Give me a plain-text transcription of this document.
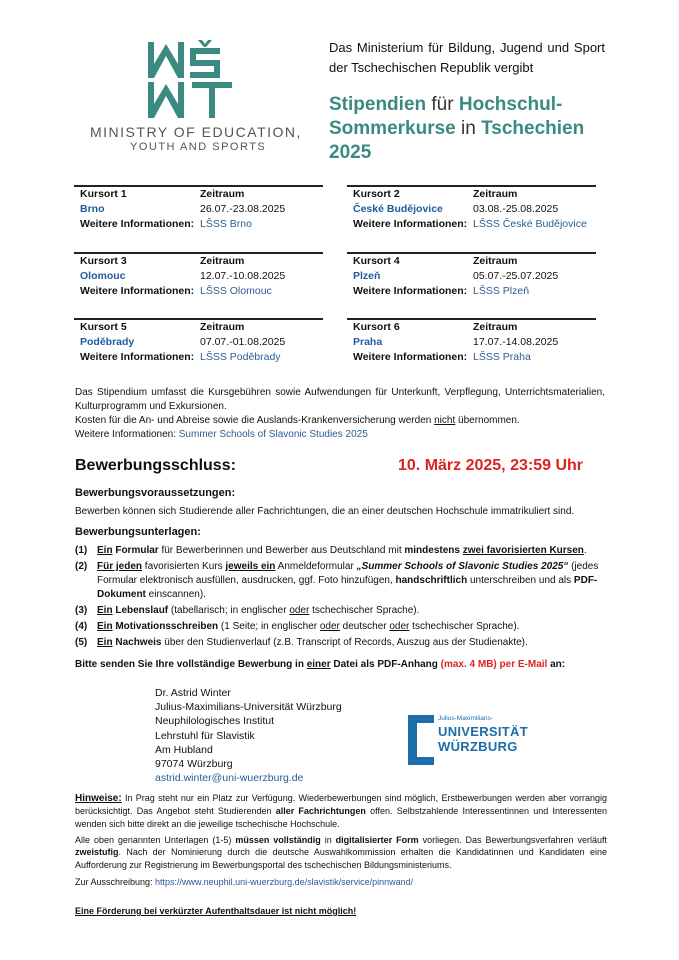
MINISTRY OF EDUCATION,
YOUTH AND SPORTS
Das Ministerium für Bildung, Jugend und Sport der Tschechischen Republik vergibt
Stipendien für Hochschul-
Sommerkurse in Tschechien
2025
Kursort 1	Zeitraum
Brno	26.07.-23.08.2025
Weitere Informationen: LŠSS Brno
Kursort 2	Zeitraum
České Budějovice	03.08.-25.08.2025
Weitere Informationen: LŠSS České Budějovice
Kursort 3	Zeitraum
Olomouc	12.07.-10.08.2025
Weitere Informationen: LŠSS Olomouc
Kursort 4	Zeitraum
Plzeň	05.07.-25.07.2025
Weitere Informationen: LŠSS Plzeň
Kursort 5	Zeitraum
Poděbrady	07.07.-01.08.2025
Weitere Informationen: LŠSS Poděbrady
Kursort 6	Zeitraum
Praha	17.07.-14.08.2025
Weitere Informationen: LŠSS Praha
Das Stipendium umfasst die Kursgebühren sowie Aufwendungen für Unterkunft, Verpflegung, Unterrichtsmaterialien, Kulturprogramm und Exkursionen.
Kosten für die An- und Abreise sowie die Auslands-Krankenversicherung werden nicht übernommen.
Weitere Informationen: Summer Schools of Slavonic Studies 2025
Bewerbungsschluss:	10. März 2025, 23:59 Uhr
Bewerbungsvoraussetzungen:
Bewerben können sich Studierende aller Fachrichtungen, die an einer deutschen Hochschule immatrikuliert sind.
Bewerbungsunterlagen:
(1) Ein Formular für Bewerberinnen und Bewerber aus Deutschland mit mindestens zwei favorisierten Kursen.
(2) Für jeden favorisierten Kurs jeweils ein Anmeldeformular „Summer Schools of Slavonic Studies 2025“ (jedes Formular elektronisch ausfüllen, ausdrucken, ggf. Foto hinzufügen, handschriftlich unterschreiben und als PDF-Dokument einscannen).
(3) Ein Lebenslauf (tabellarisch; in englischer oder tschechischer Sprache).
(4) Ein Motivationsschreiben (1 Seite; in englischer oder deutscher oder tschechischer Sprache).
(5) Ein Nachweis über den Studienverlauf (z.B. Transcript of Records, Auszug aus der Studienakte).
Bitte senden Sie Ihre vollständige Bewerbung in einer Datei als PDF-Anhang (max. 4 MB) per E-Mail an:
Dr. Astrid Winter
Julius-Maximilians-Universität Würzburg
Neuphilologisches Institut
Lehrstuhl für Slavistik
Am Hubland
97074 Würzburg
astrid.winter@uni-wuerzburg.de
Julius-Maximilians-
UNIVERSITÄT
WÜRZBURG
Hinweise: In Prag steht nur ein Platz zur Verfügung. Wiederbewerbungen sind möglich, Erstbewerbungen werden aber vorrangig berücksichtigt. Das Angebot steht Studierenden aller Fachrichtungen offen. Selbstzahlende Interessentinnen und Interessenten wenden sich bitte direkt an die jeweilige tschechische Hochschule.
Alle oben genannten Unterlagen (1-5) müssen vollständig in digitalisierter Form vorliegen. Das Bewerbungsverfahren verläuft zweistufig. Nach der Nominierung durch die deutsche Auswahlkommission erhalten die Kandidatinnen und Kandidaten eine Aufforderung zur Registrierung im Bewerbungsportal des tschechischen Bildungsministeriums.
Zur Ausschreibung: https://www.neuphil.uni-wuerzburg.de/slavistik/service/pinnwand/
Eine Förderung bei verkürzter Aufenthaltsdauer ist nicht möglich!
